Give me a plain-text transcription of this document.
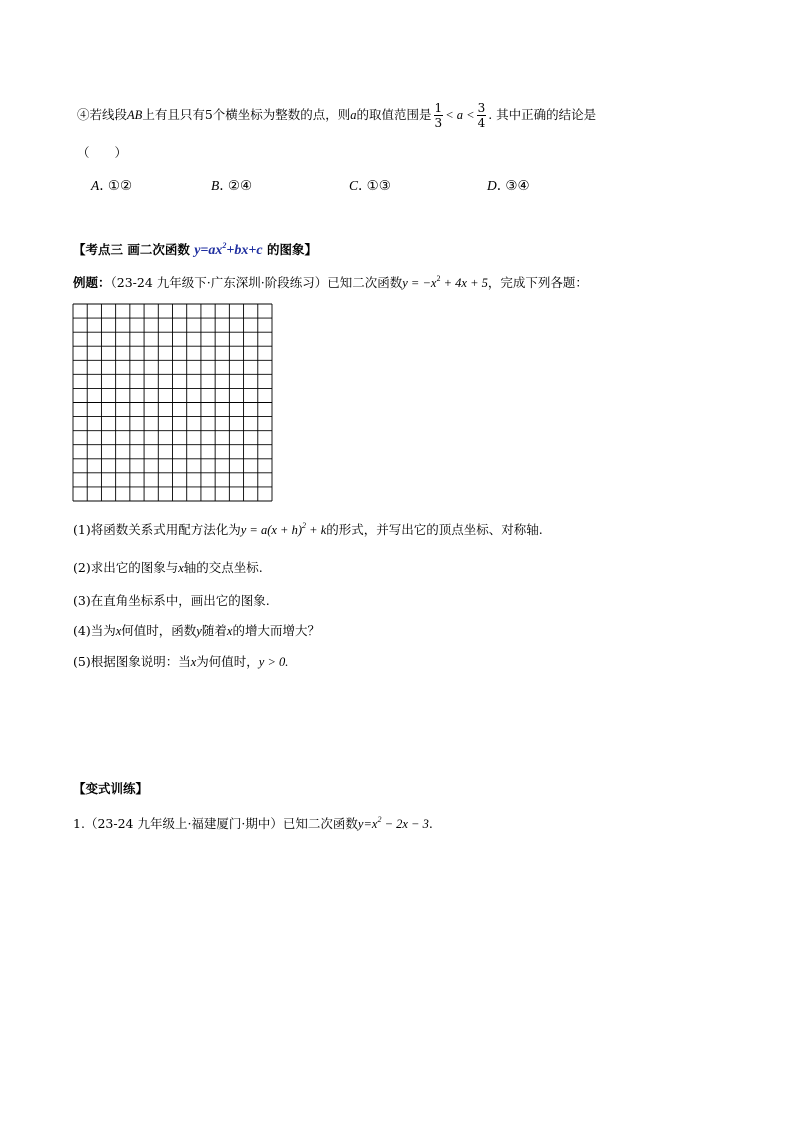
④若线段AB上有且只有5个横坐标为整数的点，则a的取值范围是 $\frac{1}{3} < a < \frac{3}{4}$ . 其中正确的结论是
（　　）
A. ①②	B. ②④	C. ①③	D. ③④
【考点三 画二次函数 $y=ax^2+bx+c$ 的图象】
例题：（23-24 九年级下·广东深圳·阶段练习）已知二次函数$y = -x^2 + 4x + 5$，完成下列各题：
(1)将函数关系式用配方法化为$y = a(x + h)^2 + k$的形式，并写出它的顶点坐标、对称轴.
(2)求出它的图象与x轴的交点坐标.
(3)在直角坐标系中，画出它的图象.
(4)当为x何值时，函数y随着x的增大而增大？
(5)根据图象说明：当x为何值时，y > 0.
【变式训练】
1.（23-24 九年级上·福建厦门·期中）已知二次函数$y=x^2 - 2x - 3$.
